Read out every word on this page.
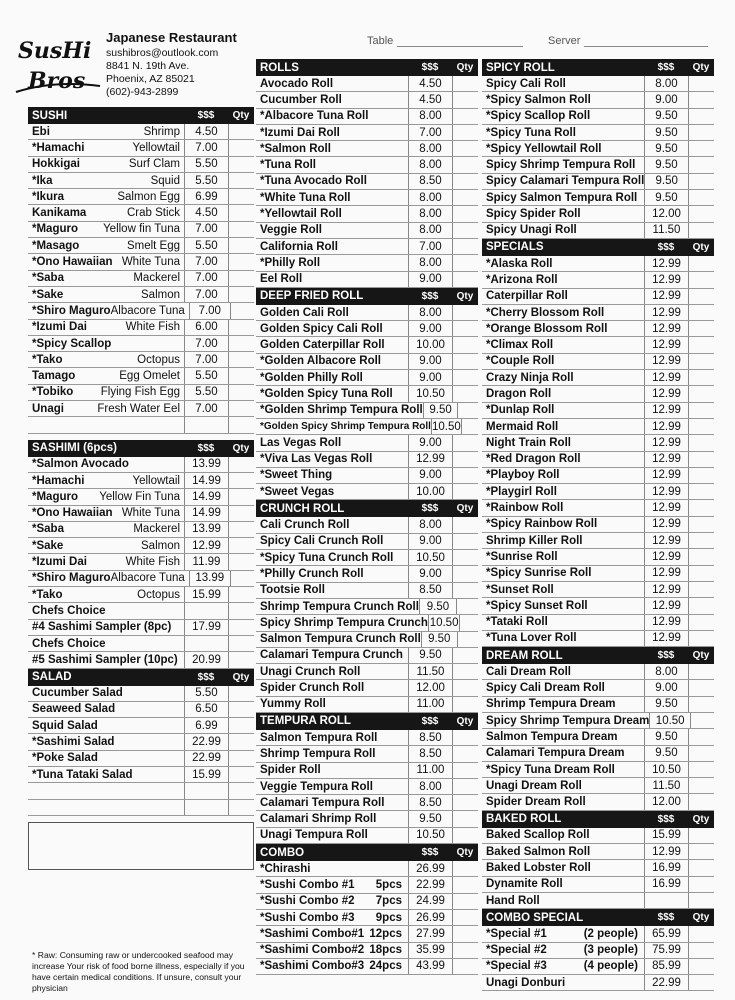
SusHi
Bros
Japanese Restaurant
sushibros@outlook.com
8841 N. 19th Ave.
Phoenix, AZ 85021
(602)-943-2899
Table	Server
SUSHI	$$$	Qty
Ebi	Shrimp	4.50
*Hamachi	Yellowtail	7.00
Hokkigai	Surf Clam	5.50
*Ika	Squid	5.50
*Ikura	Salmon Egg	6.99
Kanikama	Crab Stick	4.50
*Maguro	Yellow fin Tuna	7.00
*Masago	Smelt Egg	5.50
*Ono Hawaiian White Tuna	7.00
*Saba	Mackerel	7.00
*Sake	Salmon	7.00
*Shiro Maguro Albacore Tuna	7.00
*Izumi Dai	White Fish	6.00
*Spicy Scallop	7.00
*Tako	Octopus	7.00
Tamago	Egg Omelet	5.50
*Tobiko	Flying Fish Egg	5.50
Unagi	Fresh Water Eel	7.00
SASHIMI (6pcs)	$$$	Qty
*Salmon Avocado	13.99
*Hamachi	Yellowtail	14.99
*Maguro	Yellow Fin Tuna	14.99
*Ono Hawaiian White Tuna	14.99
*Saba	Mackerel	13.99
*Sake	Salmon	12.99
*Izumi Dai	White Fish	11.99
*Shiro Maguro Albacore Tuna 13.99
*Tako	Octopus	15.99
Chefs Choice
#4 Sashimi Sampler (8pc)	17.99
Chefs Choice
#5 Sashimi Sampler (10pc)	20.99
SALAD	$$$	Qty
Cucumber Salad	5.50
Seaweed Salad	6.50
Squid Salad	6.99
*Sashimi Salad	22.99
*Poke Salad	22.99
*Tuna Tataki Salad	15.99
* Raw: Consuming raw or undercooked seafood may increase Your risk of food borne illness, especially if you have certain medical conditions. If unsure, consult your physician
ROLLS	$$$	Qty
Avocado Roll	4.50
Cucumber Roll	4.50
*Albacore Tuna Roll	8.00
*Izumi Dai Roll	7.00
*Salmon Roll	8.00
*Tuna Roll	8.00
*Tuna Avocado Roll	8.50
*White Tuna Roll	8.00
*Yellowtail Roll	8.00
Veggie Roll	8.00
California Roll	7.00
*Philly Roll	8.00
Eel Roll	9.00
DEEP FRIED ROLL	$$$	Qty
Golden Cali Roll	8.00
Golden Spicy Cali Roll	9.00
Golden Caterpillar Roll	10.00
*Golden Albacore Roll	9.00
*Golden Philly Roll	9.00
*Golden Spicy Tuna Roll	10.50
*Golden Shrimp Tempura Roll 9.50
*Golden Spicy Shrimp Tempura Roll 10.50
Las Vegas Roll	9.00
*Viva Las Vegas Roll	12.99
*Sweet Thing	9.00
*Sweet Vegas	10.00
CRUNCH ROLL	$$$	Qty
Cali Crunch Roll	8.00
Spicy Cali Crunch Roll	9.00
*Spicy Tuna Crunch Roll	10.50
*Philly Crunch Roll	9.00
Tootsie Roll	8.50
Shrimp Tempura Crunch Roll 9.50
Spicy Shrimp Tempura Crunch 10.50
Salmon Tempura Crunch Roll 9.50
Calamari Tempura Crunch	9.50
Unagi Crunch Roll	11.50
Spider Crunch Roll	12.00
Yummy Roll	11.00
TEMPURA ROLL	$$$	Qty
Salmon Tempura Roll	8.50
Shrimp Tempura Roll	8.50
Spider Roll	11.00
Veggie Tempura Roll	8.00
Calamari Tempura Roll	8.50
Calamari Shrimp Roll	9.50
Unagi Tempura Roll	10.50
COMBO	$$$	Qty
*Chirashi	26.99
*Sushi Combo #1	5pcs	22.99
*Sushi Combo #2	7pcs	24.99
*Sushi Combo #3	9pcs	26.99
*Sashimi Combo#1 12pcs	27.99
*Sashimi Combo#2 18pcs	35.99
*Sashimi Combo#3 24pcs	43.99
SPICY ROLL	$$$	Qty
Spicy Cali Roll	8.00
*Spicy Salmon Roll	9.00
*Spicy Scallop Roll	9.50
*Spicy Tuna Roll	9.50
*Spicy Yellowtail Roll	9.50
Spicy Shrimp Tempura Roll	9.50
Spicy Calamari Tempura Roll 9.50
Spicy Salmon Tempura Roll	9.50
Spicy Spider Roll	12.00
Spicy Unagi Roll	11.50
SPECIALS	$$$	Qty
*Alaska Roll	12.99
*Arizona Roll	12.99
Caterpillar Roll	12.99
*Cherry Blossom Roll	12.99
*Orange Blossom Roll	12.99
*Climax Roll	12.99
*Couple Roll	12.99
Crazy Ninja Roll	12.99
Dragon Roll	12.99
*Dunlap Roll	12.99
Mermaid Roll	12.99
Night Train Roll	12.99
*Red Dragon Roll	12.99
*Playboy Roll	12.99
*Playgirl Roll	12.99
*Rainbow Roll	12.99
*Spicy Rainbow Roll	12.99
Shrimp Killer Roll	12.99
*Sunrise Roll	12.99
*Spicy Sunrise Roll	12.99
*Sunset Roll	12.99
*Spicy Sunset Roll	12.99
*Tataki Roll	12.99
*Tuna Lover Roll	12.99
DREAM ROLL	$$$	Qty
Cali Dream Roll	8.00
Spicy Cali Dream Roll	9.00
Shrimp Tempura Dream	9.50
Spicy Shrimp Tempura Dream 10.50
Salmon Tempura Dream	9.50
Calamari Tempura Dream	9.50
*Spicy Tuna Dream Roll	10.50
Unagi Dream Roll	11.50
Spider Dream Roll	12.00
BAKED ROLL	$$$	Qty
Baked Scallop Roll	15.99
Baked Salmon Roll	12.99
Baked Lobster Roll	16.99
Dynamite Roll	16.99
Hand Roll
COMBO SPECIAL	$$$	Qty
*Special #1	(2 people)	65.99
*Special #2	(3 people)	75.99
*Special #3	(4 people)	85.99
Unagi Donburi	22.99
